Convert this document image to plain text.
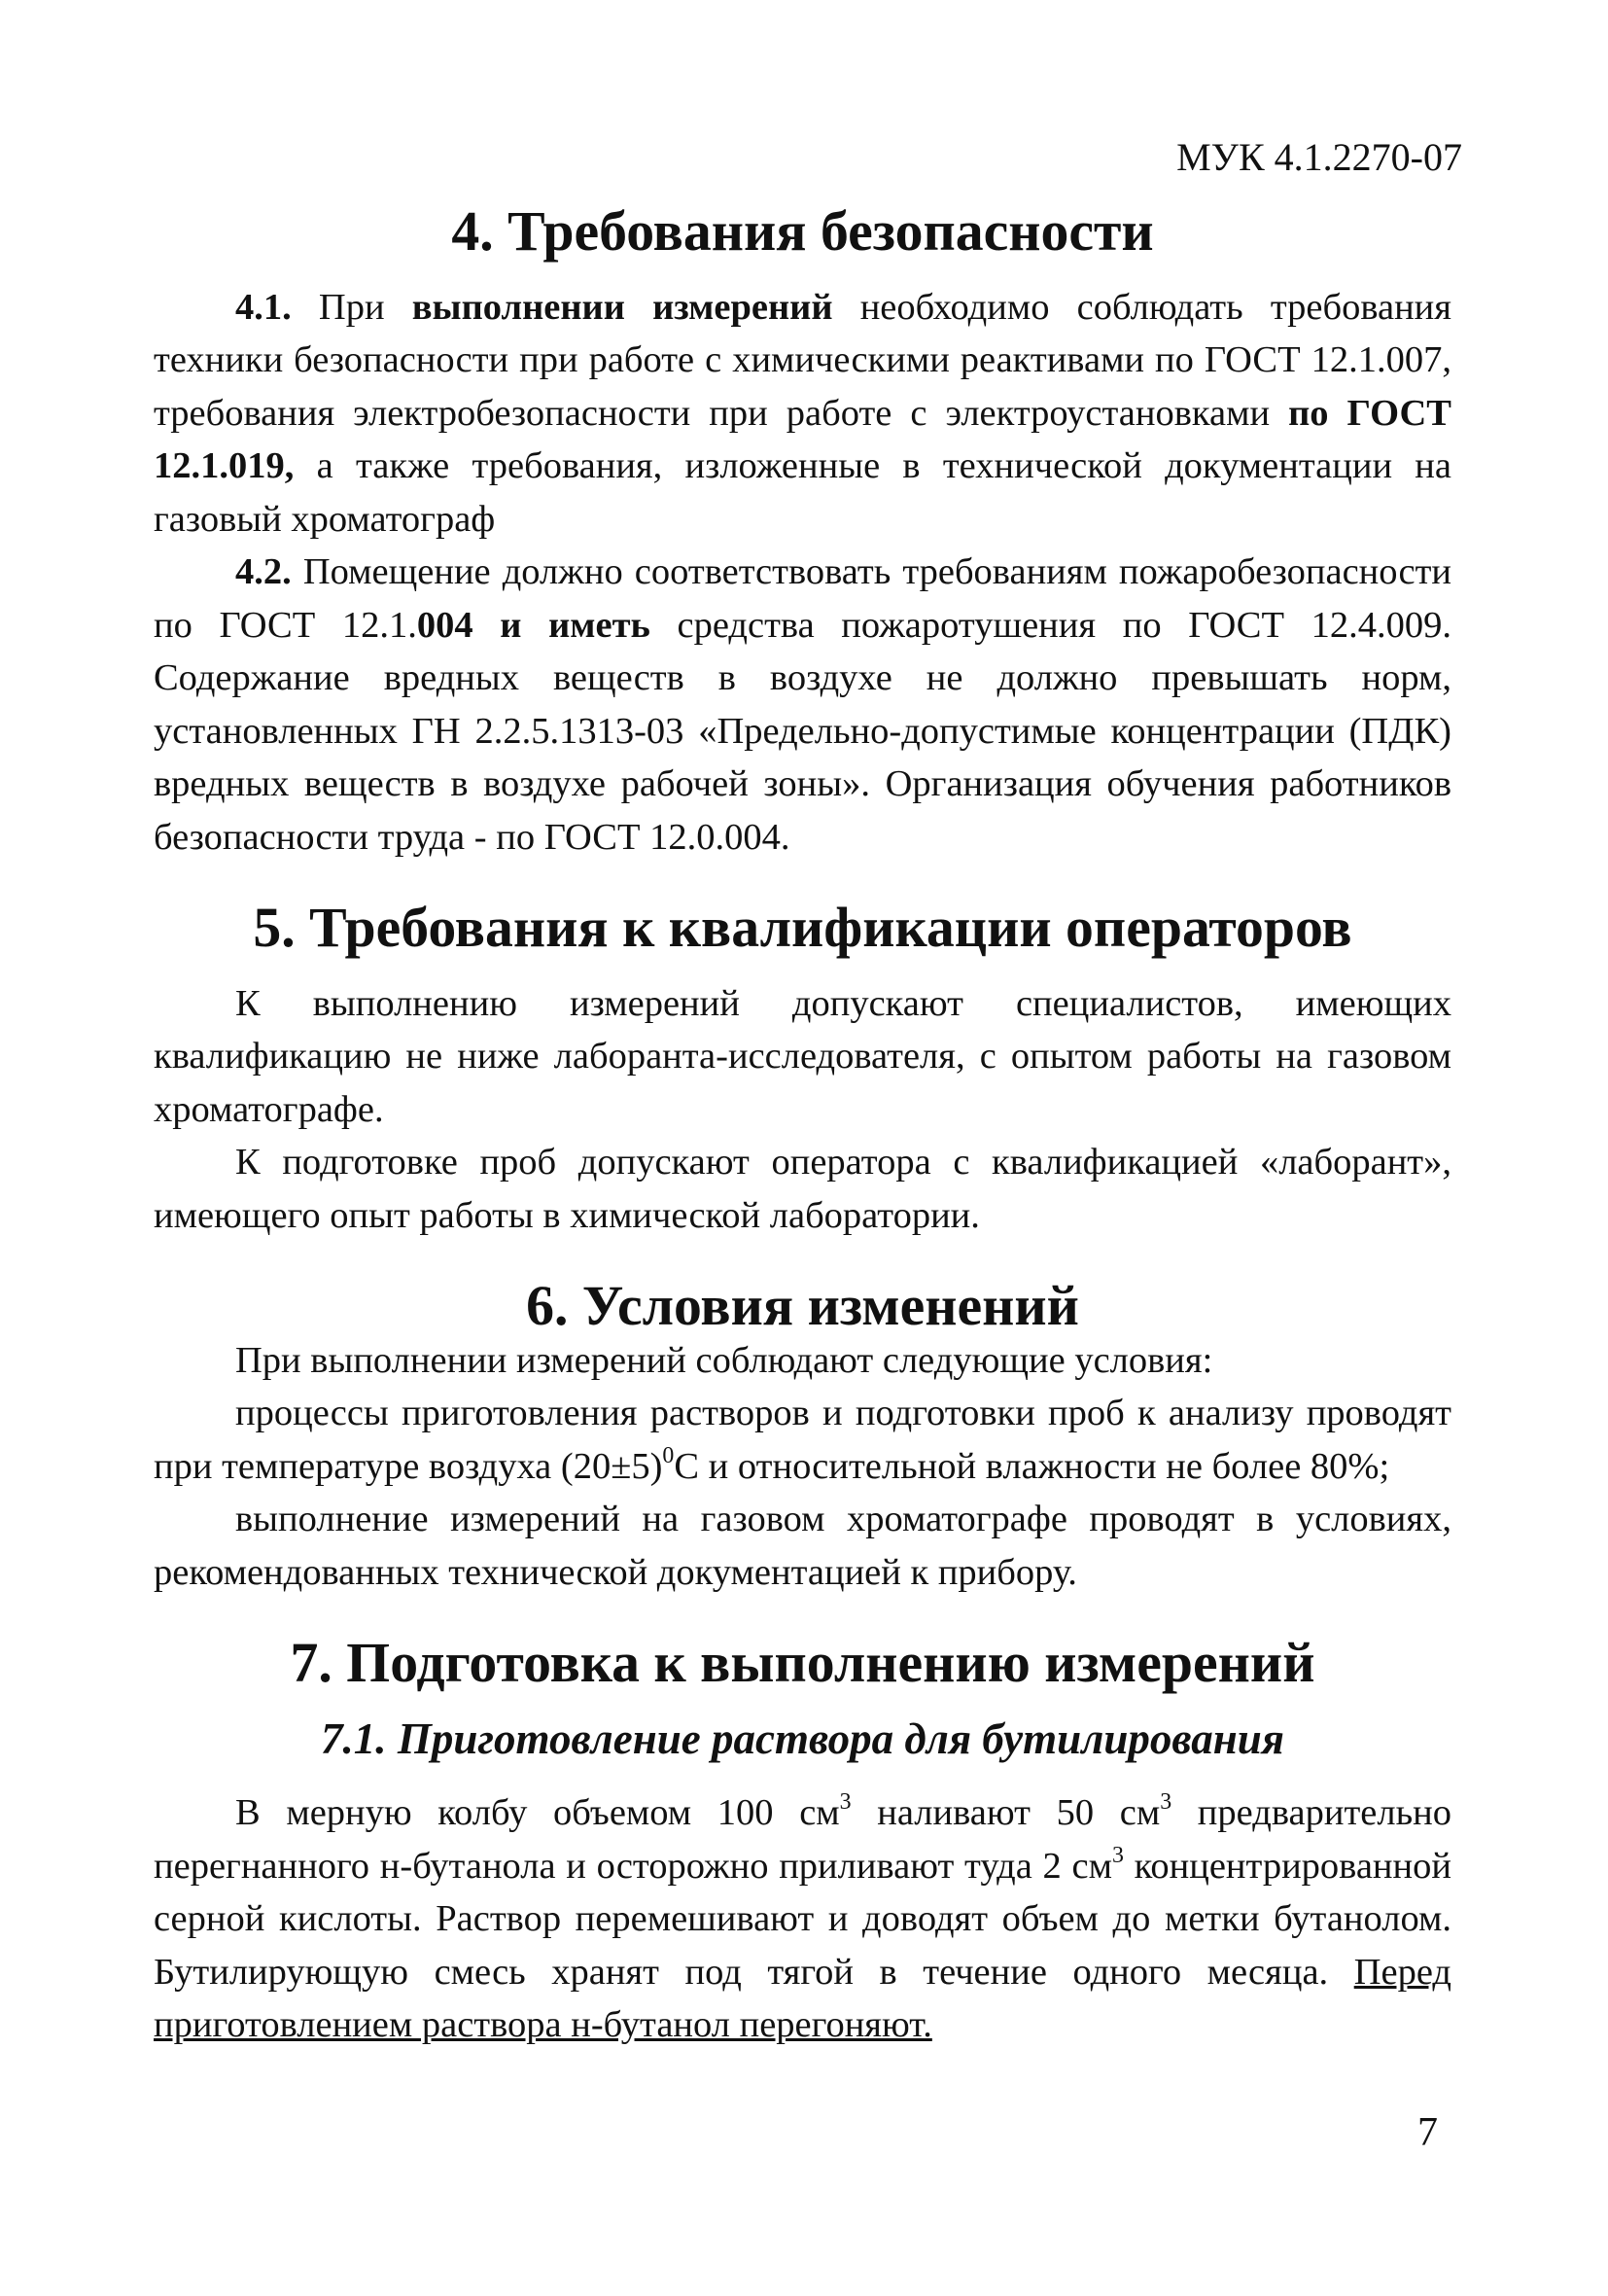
МУК 4.1.2270-07
4. Требования безопасности

4.1. При выполнении измерений необходимо соблюдать требования техники безопасности при работе с химическими реактивами по ГОСТ 12.1.007, требования электробезопасности при работе с электроустановками по ГОСТ 12.1.019, а также требования, изложенные в технической документации на газовый хроматограф

4.2. Помещение должно соответствовать требованиям пожаробезопасности по ГОСТ 12.1.004 и иметь средства пожаротушения по ГОСТ 12.4.009. Содержание вредных веществ в воздухе не должно превышать норм, установленных ГН 2.2.5.1313-03 «Предельно-допустимые концентрации (ПДК) вредных веществ в воздухе рабочей зоны». Организация обучения работников безопасности труда - по ГОСТ 12.0.004.

5. Требования к квалификации операторов

К выполнению измерений допускают специалистов, имеющих квалификацию не ниже лаборанта-исследователя, с опытом работы на газовом хроматографе.

К подготовке проб допускают оператора с квалификацией «лаборант», имеющего опыт работы в химической лаборатории.

6. Условия изменений

При выполнении измерений соблюдают следующие условия:

процессы приготовления растворов и подготовки проб к анализу проводят при температуре воздуха $(20\pm 5)^0С$ и относительной влажности не более 80%;

выполнение измерений на газовом хроматографе проводят в условиях, рекомендованных технической документацией к прибору.

7. Подготовка к выполнению измерений
7.1. Приготовление раствора для бутилирования

В мерную колбу объемом 100 $см^3$ наливают 50 $см^3$ предварительно перегнанного н-бутанола и осторожно приливают туда 2 $см^3$ концентрированной серной кислоты. Раствор перемешивают и доводят объем до метки бутанолом. Бутилирующую смесь хранят под тягой в течение одного месяца. Перед приготовлением раствора н-бутанол перегоняют.

7
